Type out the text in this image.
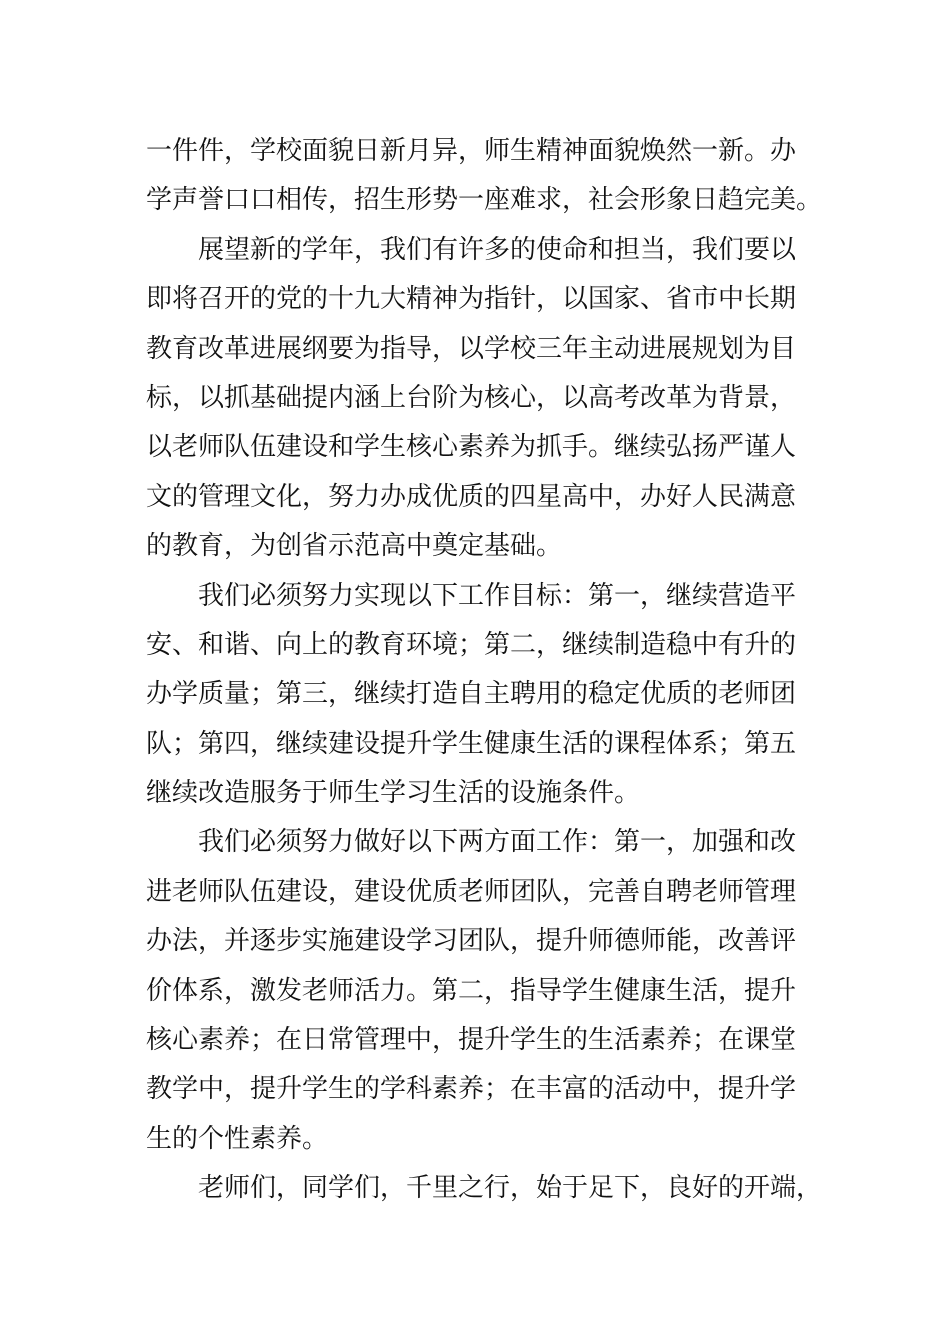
一件件，学校面貌日新月异，师生精神面貌焕然一新。办
学声誉口口相传，招生形势一座难求，社会形象日趋完美。
展望新的学年，我们有许多的使命和担当，我们要以
即将召开的党的十九大精神为指针，以国家、省市中长期
教育改革进展纲要为指导，以学校三年主动进展规划为目
标，以抓基础提内涵上台阶为核心，以高考改革为背景，
以老师队伍建设和学生核心素养为抓手。继续弘扬严谨人
文的管理文化，努力办成优质的四星高中，办好人民满意
的教育，为创省示范高中奠定基础。
我们必须努力实现以下工作目标：第一，继续营造平
安、和谐、向上的教育环境；第二，继续制造稳中有升的
办学质量；第三，继续打造自主聘用的稳定优质的老师团
队；第四，继续建设提升学生健康生活的课程体系；第五
继续改造服务于师生学习生活的设施条件。
我们必须努力做好以下两方面工作：第一，加强和改
进老师队伍建设，建设优质老师团队，完善自聘老师管理
办法，并逐步实施建设学习团队，提升师德师能，改善评
价体系，激发老师活力。第二，指导学生健康生活，提升
核心素养；在日常管理中，提升学生的生活素养；在课堂
教学中，提升学生的学科素养；在丰富的活动中，提升学
生的个性素养。
老师们，同学们，千里之行，始于足下，良好的开端，
